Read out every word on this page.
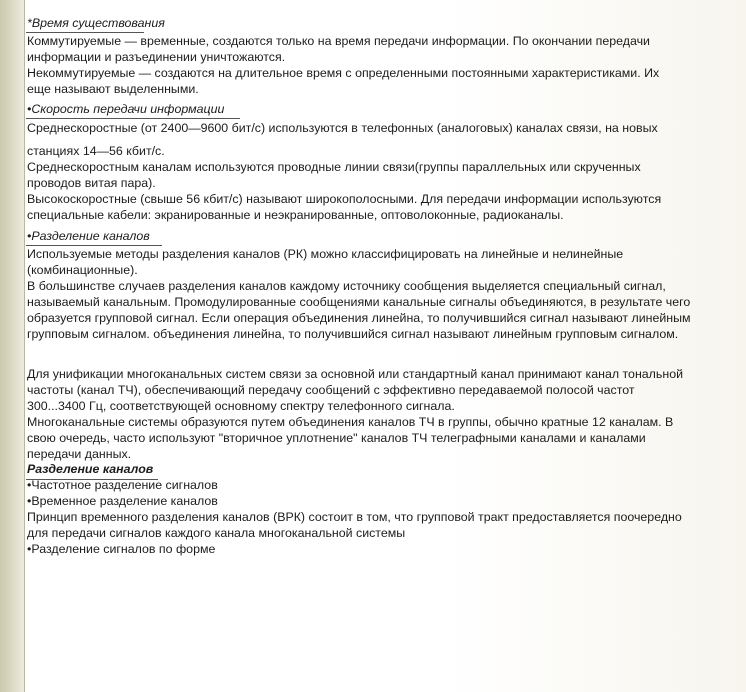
*Время существования

Коммутируемые — временные, создаются только на время передачи информации. По окончании передачи

информации и разъединении уничтожаются.

Некоммутируемые — создаются на длительное время с определенными постоянными характеристиками. Их

еще называют выделенными.

•Скорость передачи информации

Среднескоростные (от 2400—9600 бит/с) используются в телефонных (аналоговых) каналах связи, на новых

станциях 14—56 кбит/с.

Среднескоростным каналам используются проводные линии связи(группы параллельных или скрученных

проводов витая пара).

Высокоскоростные (свыше 56 кбит/с) называют широкополосными. Для передачи информации используются

специальные кабели: экранированные и неэкранированные, оптоволоконные, радиоканалы.

•Разделение каналов

Используемые методы разделения каналов (РК) можно классифицировать на линейные и нелинейные

(комбинационные).

В большинстве случаев разделения каналов каждому источнику сообщения выделяется специальный сигнал,

называемый канальным. Промодулированные сообщениями канальные сигналы объединяются, в результате чего

образуется групповой сигнал. Если операция объединения линейна, то получившийся сигнал называют линейным

групповым сигналом. объединения линейна, то получившийся сигнал называют линейным групповым сигналом.

Для унификации многоканальных систем связи за основной или стандартный канал принимают канал тональной

частоты (канал ТЧ), обеспечивающий передачу сообщений с эффективно передаваемой полосой частот

300...3400 Гц, соответствующей основному спектру телефонного сигнала.

Многоканальные системы образуются путем объединения каналов ТЧ в группы, обычно кратные 12 каналам. В

свою очередь, часто используют "вторичное уплотнение" каналов ТЧ телеграфными каналами и каналами

передачи данных.

Разделение каналов

•Частотное разделение сигналов

•Временное разделение каналов

Принцип временного разделения каналов (ВРК) состоит в том, что групповой тракт предоставляется поочередно

для передачи сигналов каждого канала многоканальной системы

•Разделение сигналов по форме
